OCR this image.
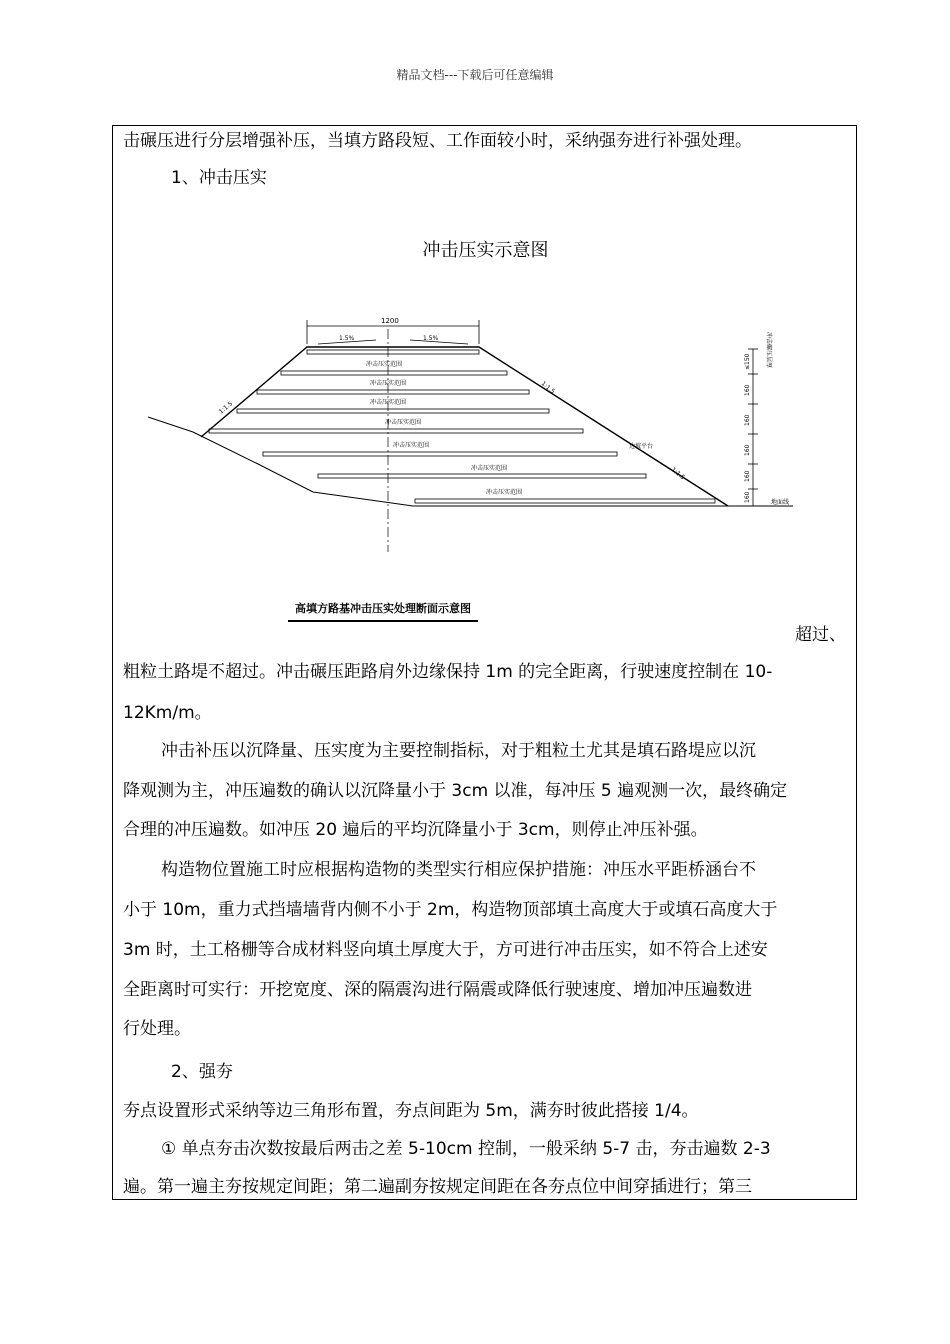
精品文档---下载后可任意编辑
击碾压进行分层增强补压，当填方路段短、工作面较小时，采纳强夯进行补强处理。
1、冲击压实
冲击压实示意图
1200
1.5%	1.5%
冲击压实范围
冲击压实范围
冲击压实范围
冲击压实范围
冲击压实范围
冲击压实范围
冲击压实范围
边坡平台
1:1.5
1:1.5
1:1.5
≤150
160
160
160
160
160
冲击碾压层厚
地面线
高填方路基冲击压实处理断面示意图
超过、
粗粒土路堤不超过。冲击碾压距路肩外边缘保持 1m 的完全距离，行驶速度控制在 10-
12Km/m。
冲击补压以沉降量、压实度为主要控制指标，对于粗粒土尤其是填石路堤应以沉
降观测为主，冲压遍数的确认以沉降量小于 3cm 以准，每冲压 5 遍观测一次，最终确定
合理的冲压遍数。如冲压 20 遍后的平均沉降量小于 3cm，则停止冲压补强。
构造物位置施工时应根据构造物的类型实行相应保护措施：冲压水平距桥涵台不
小于 10m，重力式挡墙墙背内侧不小于 2m，构造物顶部填土高度大于或填石高度大于
3m 时，土工格栅等合成材料竖向填土厚度大于，方可进行冲击压实，如不符合上述安
全距离时可实行：开挖宽度、深的隔震沟进行隔震或降低行驶速度、增加冲压遍数进
行处理。
2、强夯
夯点设置形式采纳等边三角形布置，夯点间距为 5m，满夯时彼此搭接 1/4。
① 单点夯击次数按最后两击之差 5-10cm 控制，一般采纳 5-7 击，夯击遍数 2-3
遍。第一遍主夯按规定间距；第二遍副夯按规定间距在各夯点位中间穿插进行；第三
